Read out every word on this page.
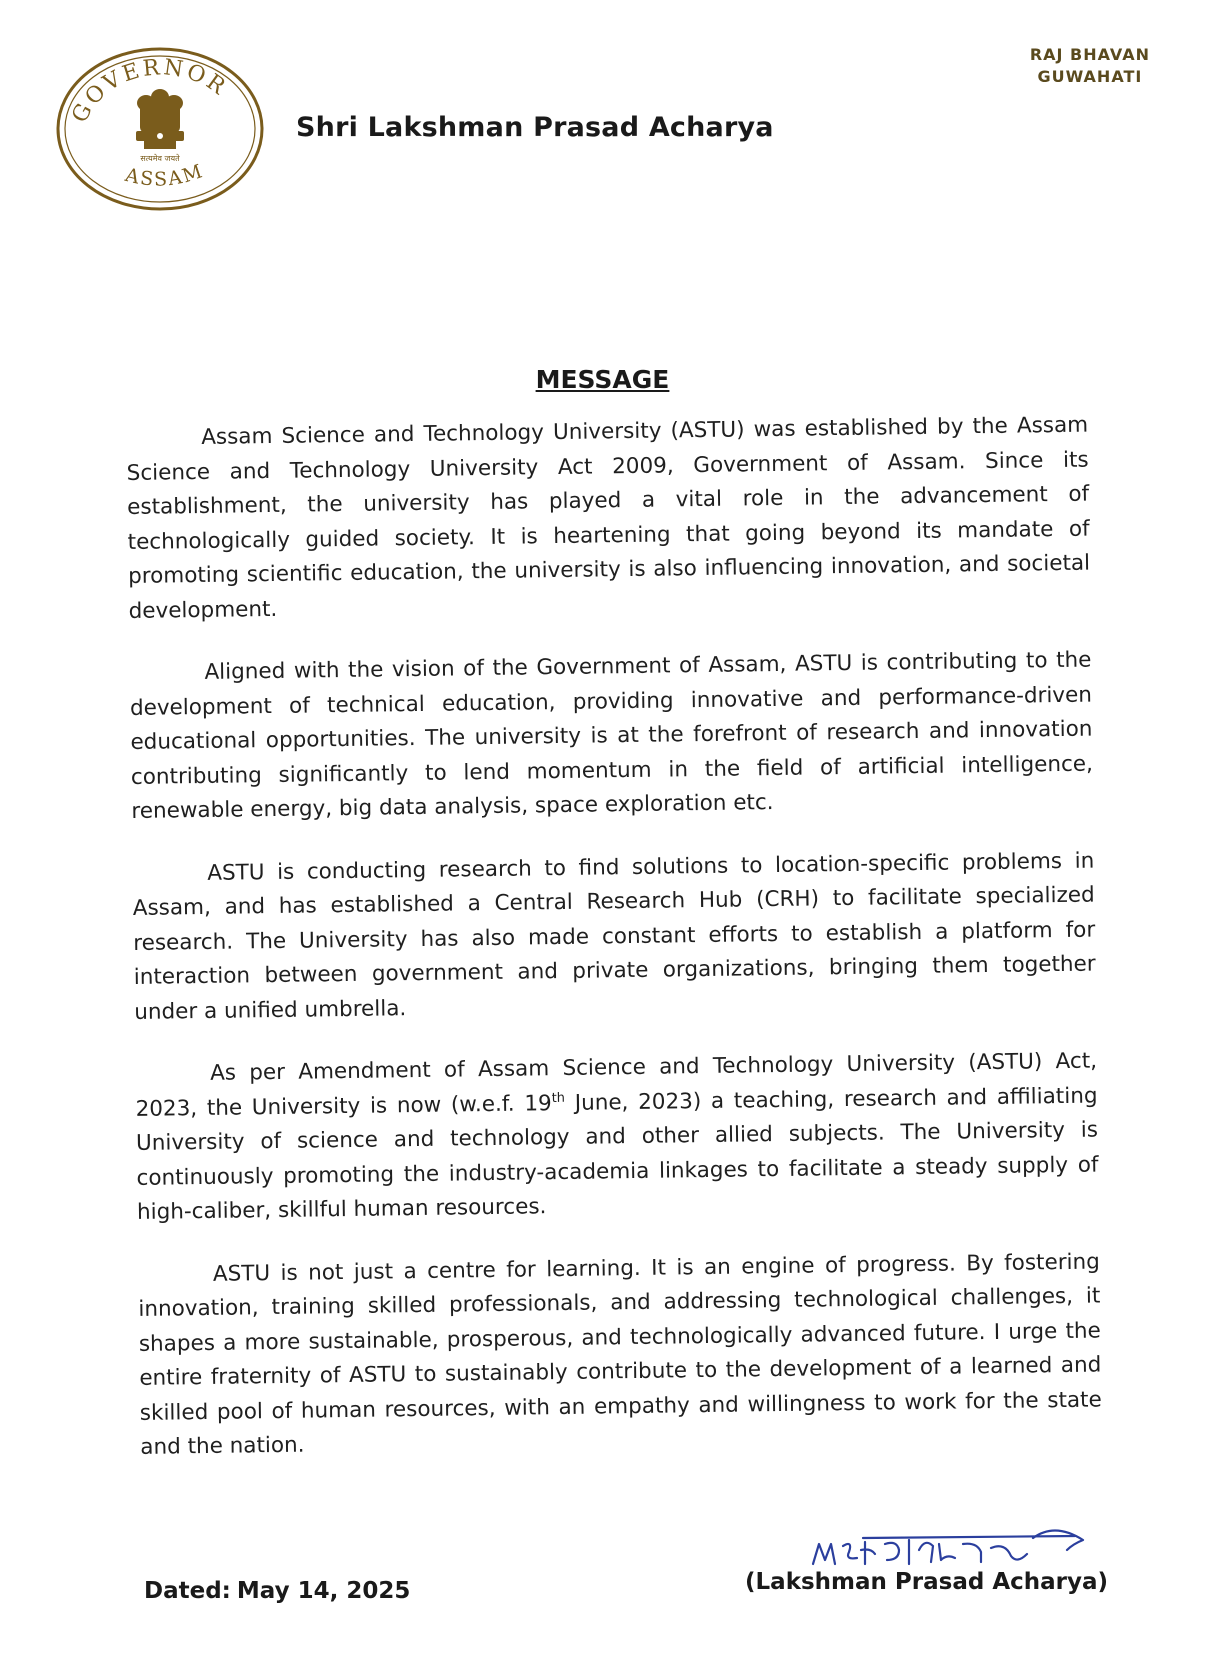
GOVERNOR
ASSAM
सत्यमेव जयते
Shri Lakshman Prasad Acharya
RAJ BHAVAN
GUWAHATI
MESSAGE

Assam Science and Technology University (ASTU) was established by the Assam Science and Technology University Act 2009, Government of Assam. Since its establishment, the university has played a vital role in the advancement of technologically guided society. It is heartening that going beyond its mandate of promoting scientific education, the university is also influencing innovation, and societal development.

Aligned with the vision of the Government of Assam, ASTU is contributing to the development of technical education, providing innovative and performance-driven educational opportunities. The university is at the forefront of research and innovation contributing significantly to lend momentum in the field of artificial intelligence, renewable energy, big data analysis, space exploration etc.

ASTU is conducting research to find solutions to location-specific problems in Assam, and has established a Central Research Hub (CRH) to facilitate specialized research. The University has also made constant efforts to establish a platform for interaction between government and private organizations, bringing them together under a unified umbrella.

As per Amendment of Assam Science and Technology University (ASTU) Act, 2023, the University is now (w.e.f. 19th June, 2023) a teaching, research and affiliating University of science and technology and other allied subjects. The University is continuously promoting the industry-academia linkages to facilitate a steady supply of high-caliber, skillful human resources.

ASTU is not just a centre for learning. It is an engine of progress. By fostering innovation, training skilled professionals, and addressing technological challenges, it shapes a more sustainable, prosperous, and technologically advanced future. I urge the entire fraternity of ASTU to sustainably contribute to the development of a learned and skilled pool of human resources, with an empathy and willingness to work for the state and the nation.

Dated: May 14, 2025	(Lakshman Prasad Acharya)
